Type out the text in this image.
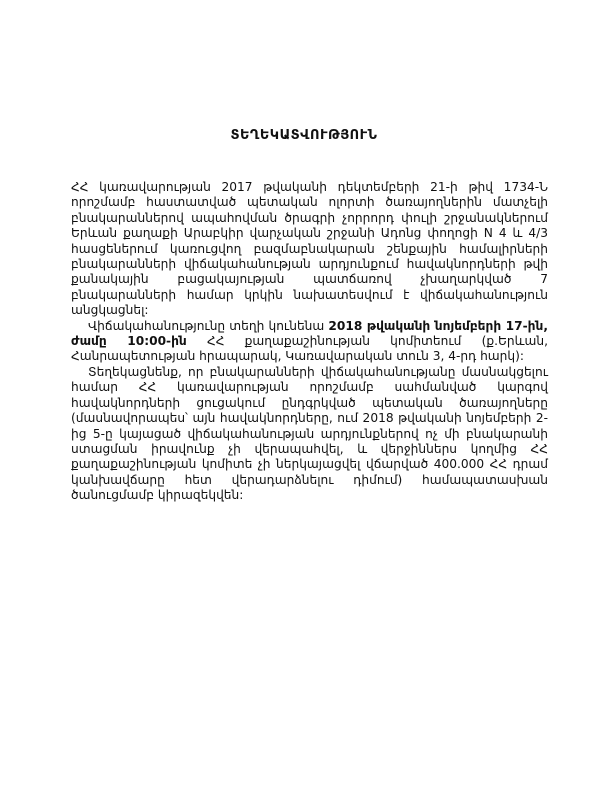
ՏԵՂԵԿԱՏՎՈՒԹՅՈՒՆ

ՀՀ կառավարության 2017 թվականի դեկտեմբերի 21-ի թիվ 1734-Ն որոշմամբ հաստատված պետական ոլորտի ծառայողներին մատչելի բնակարաններով ապահովման ծրագրի չորրորդ փուլի շրջանակներում Երևան քաղաքի Արաբկիր վարչական շրջանի Ադոնց փողոցի N 4 և 4/3 հասցեներում կառուցվող բազմաբնակարան շենքային համալիրների բնակարանների վիճակահանության արդյունքում հավակնորդների թվի քանակային բացակայության պատճառով չխաղարկված 7 բնակարանների համար կրկին նախատեսվում է վիճակահանություն անցկացնել:

Վիճակահանությունը տեղի կունենա 2018 թվականի նոյեմբերի 17-ին, ժամը 10:00-ին ՀՀ քաղաքաշինության կոմիտեում (ք.Երևան, Հանրապետության հրապարակ, Կառավարական տուն 3, 4-րդ հարկ):

Տեղեկացնենք, որ բնակարանների վիճակահանությանը մասնակցելու համար ՀՀ կառավարության որոշմամբ սահմանված կարգով հավակնորդների ցուցակում ընդգրկված պետական ծառայողները (մասնավորապես՝ այն հավակնորդները, ում 2018 թվականի նոյեմբերի 2-ից 5-ը կայացած վիճակահանության արդյունքներով ոչ մի բնակարանի ստացման իրավունք չի վերապահվել, և վերջիններս կողմից ՀՀ քաղաքաշինության կոմիտե չի ներկայացվել վճարված 400.000 ՀՀ դրամ կանխավճարը հետ վերադարձնելու դիմում) համապատասխան ծանուցմամբ կիրազեկվեն:
